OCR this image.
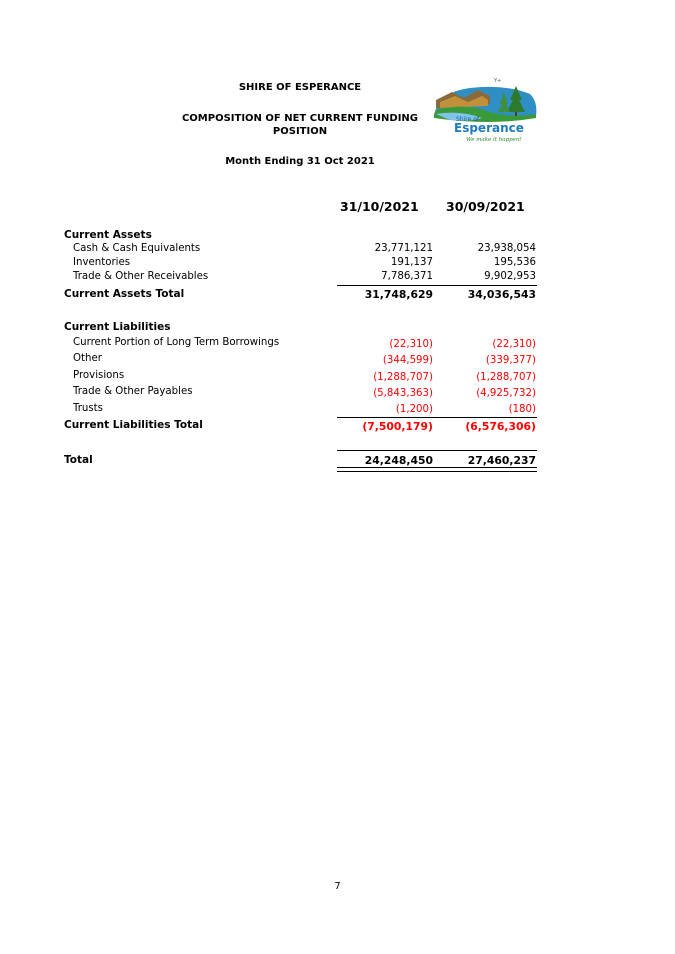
SHIRE OF ESPERANCE
COMPOSITION OF NET CURRENT FUNDING
POSITION
Month Ending 31 Oct 2021
Y+
Shire of
Esperance
We make it happen!
31/10/2021 30/09/2021
Current Assets
Cash & Cash Equivalents	23,771,121	23,938,054
Inventories	191,137	195,536
Trade & Other Receivables	7,786,371	9,902,953
Current Assets Total	31,748,629	34,036,543
Current Liabilities
Current Portion of Long Term Borrowings	(22,310)	(22,310)
Other	(344,599)	(339,377)
Provisions	(1,288,707)	(1,288,707)
Trade & Other Payables	(5,843,363)	(4,925,732)
Trusts	(1,200)	(180)
Current Liabilities Total	(7,500,179)	(6,576,306)
Total	24,248,450	27,460,237
7
